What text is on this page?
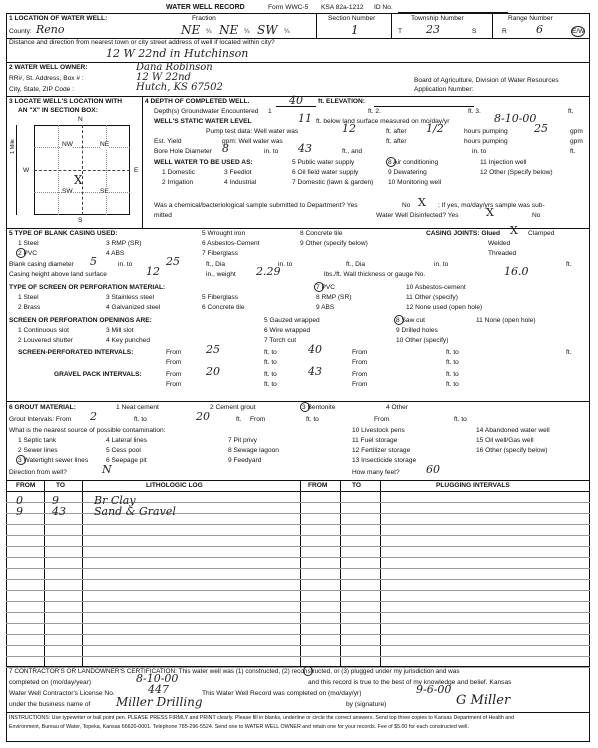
WATER WELL RECORD	Form WWC-5 KSA 82a-1212 ID No.
1 LOCATION OF WATER WELL:	Fraction	Section Number	Township Number	Range Number
County: Reno	NE ¼ NE ¼ SW ¼	1	T 23	S	R	6	E/W
Distance and direction from nearest town or city street address of well if located within city?
12 W 22nd in Hutchinson
2 WATER WELL OWNER:	Dana Robinson
RR#, St. Address, Box # :	12 W 22nd
City, State, ZIP Code :	Hutch, KS 67502
Board of Agriculture, Division of Water Resources
Application Number:
3 LOCATE WELL'S LOCATION WITH
AN "X" IN SECTION BOX:
N
S
W	E
NW	NE
SW	SE
X
1 Mile
4 DEPTH OF COMPLETED WELL.	40 ft. ELEVATION:
Depth(s) Groundwater Encountered 1	ft. 2.	ft. 3.	ft.
WELL'S STATIC WATER LEVEL	11 ft. below land surface measured on mo/day/yr	8-10-00
Pump test data: Well water was	12	ft. after 1/2	hours pumping 25	gpm
Est. Yield	gpm: Well water was	ft. after	hours pumping	gpm
Bore Hole Diameter 8	in. to 43	ft., and	in. to	ft.
WELL WATER TO BE USED AS:	5 Public water supply	8 Air conditioning	11 Injection well
1 Domestic	3 Feedlot	6 Oil field water supply	9 Dewatering	12 Other (Specify below)
2 Irrigation	4 Industrial	7 Domestic (lawn & garden) 10 Monitoring well
Was a chemical/bacteriological sample submitted to Department? Yes	No X ; If yes, mo/day/yrs sample was sub-
mitted	Water Well Disinfected? Yes	X	No
5 TYPE OF BLANK CASING USED:
1 Steel
2 PVC
3 RMP (SR)
4 ABS
5 Wrought iron
6 Asbestos-Cement
7 Fiberglass
8 Concrete tile
9 Other (specify below)
CASING JOINTS: Glued X Clamped
Welded
Threaded
Blank casing diameter 5	in. to	25	ft., Dia	in. to	ft., Dia	in. to	ft.
Casing height above land surface	12	in., weight 2.29	lbs./ft. Wall thickness or gauge No.	16.0
TYPE OF SCREEN OR PERFORATION MATERIAL:
1 Steel
2 Brass
3 Stainless steel
4 Galvanized steel
5 Fiberglass
6 Concrete tile
7 PVC
8 RMP (SR)
9 ABS
10 Asbestos-cement
11 Other (specify)
12 None used (open hole)
SCREEN OR PERFORATION OPENINGS ARE:
1 Continuous slot
2 Louvered shutter
3 Mill slot
4 Key punched
5 Gauzed wrapped
6 Wire wrapped
7 Torch cut
8 Saw cut
9 Drilled holes
10 Other (specify)
11 None (open hole)
SCREEN-PERFORATED INTERVALS:	From 25	ft. to	40	From	ft. to	ft.
From	ft. to	From	ft. to
GRAVEL PACK INTERVALS:	From 20	ft. to	43	From	ft. to
From	ft. to	From	ft. to
6 GROUT MATERIAL:	1 Neat cement	2 Cement grout	3 Bentonite	4 Other
Grout Intervals: From 2	ft. to	20	ft. From	ft. to	From	ft. to
What is the nearest source of possible contamination:
1 Septic tank
2 Sewer lines
3 Watertight sewer lines
4 Lateral lines
5 Cess pool
6 Seepage pit
7 Pit privy
8 Sewage lagoon
9 Feedyard
10 Livestock pens
11 Fuel storage
12 Fertilizer storage
13 Insecticide storage
14 Abandoned water well
15 Oil well/Gas well
16 Other (specify below)
Direction from well?	N	How many feet? 60
FROM	TO	LITHOLOGIC LOG	FROM	TO	PLUGGING INTERVALS
0	9	Br Clay
9	43	Sand & Gravel
7 CONTRACTOR'S OR LANDOWNER'S CERTIFICATION: This water well was (1) constructed, (2) reconstructed, or (3) plugged under my jurisdiction and was
completed on (mo/day/year)	8-10-00	and this record is true to the best of my knowledge and belief. Kansas
Water Well Contractor's License No.	447	This Water Well Record was completed on (mo/day/yr)	9-6-00
under the business name of Miller Drilling	by (signature)	G Miller
INSTRUCTIONS: Use typewriter or ball point pen. PLEASE PRESS FIRMLY and PRINT clearly. Please fill in blanks, underline or circle the correct answers. Send top three copies to Kansas Department of Health and
Environment, Bureau of Water, Topeka, Kansas 66620-0001. Telephone 785-296-5524. Send one to WATER WELL OWNER and retain one for your records. Fee of $5.00 for each constructed well.
